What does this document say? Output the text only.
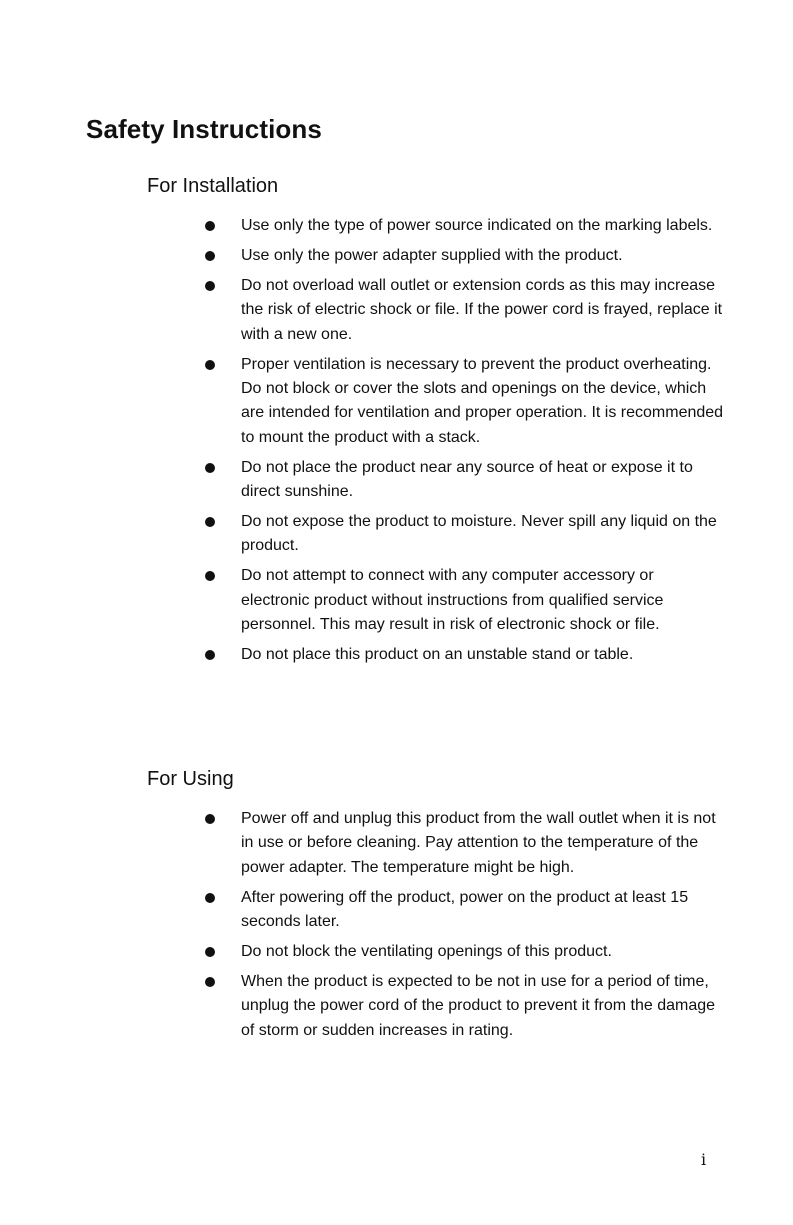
Safety Instructions
For Installation
Use only the type of power source indicated on the marking labels.
Use only the power adapter supplied with the product.
Do not overload wall outlet or extension cords as this may increase the risk of electric shock or file. If the power cord is frayed, replace it with a new one.
Proper ventilation is necessary to prevent the product overheating. Do not block or cover the slots and openings on the device, which are intended for ventilation and proper operation. It is recommended to mount the product with a stack.
Do not place the product near any source of heat or expose it to direct sunshine.
Do not expose the product to moisture. Never spill any liquid on the product.
Do not attempt to connect with any computer accessory or electronic product without instructions from qualified service personnel. This may result in risk of electronic shock or file.
Do not place this product on an unstable stand or table.
For Using
Power off and unplug this product from the wall outlet when it is not in use or before cleaning. Pay attention to the temperature of the power adapter. The temperature might be high.
After powering off the product, power on the product at least 15 seconds later.
Do not block the ventilating openings of this product.
When the product is expected to be not in use for a period of time, unplug the power cord of the product to prevent it from the damage of storm or sudden increases in rating.
i
